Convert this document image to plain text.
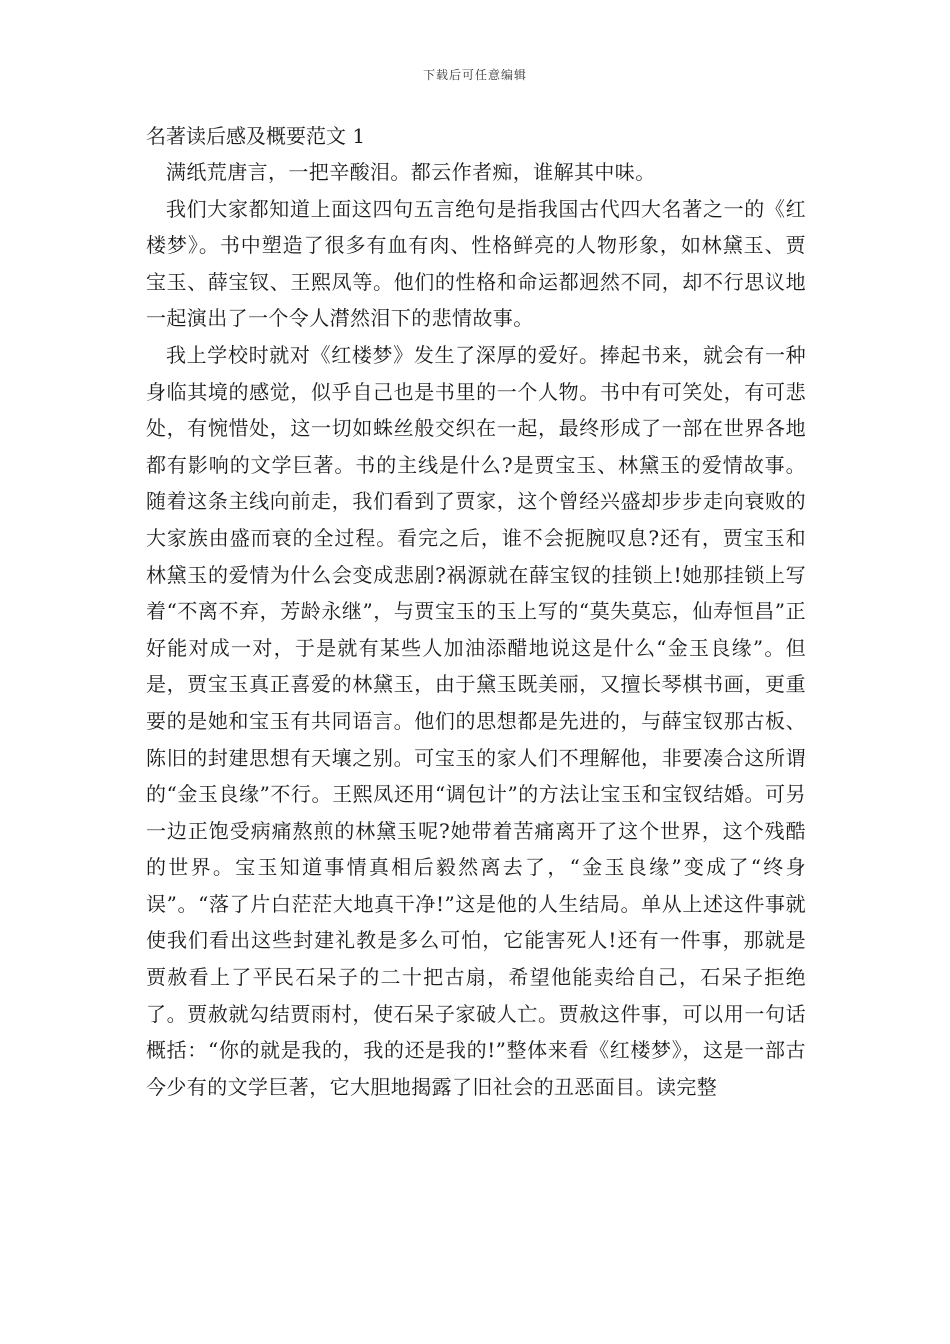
下载后可任意编辑

名著读后感及概要范文 1

满纸荒唐言，一把辛酸泪。都云作者痴，谁解其中味。

我们大家都知道上面这四句五言绝句是指我国古代四大名著之一的《红楼梦》。书中塑造了很多有血有肉、性格鲜亮的人物形象，如林黛玉、贾宝玉、薛宝钗、王熙凤等。他们的性格和命运都迥然不同，却不行思议地一起演出了一个令人潸然泪下的悲情故事。

我上学校时就对《红楼梦》发生了深厚的爱好。捧起书来，就会有一种身临其境的感觉，似乎自己也是书里的一个人物。书中有可笑处，有可悲处，有惋惜处，这一切如蛛丝般交织在一起，最终形成了一部在世界各地都有影响的文学巨著。书的主线是什么?是贾宝玉、林黛玉的爱情故事。随着这条主线向前走，我们看到了贾家，这个曾经兴盛却步步走向衰败的大家族由盛而衰的全过程。看完之后，谁不会扼腕叹息?还有，贾宝玉和林黛玉的爱情为什么会变成悲剧?祸源就在薛宝钗的挂锁上!她那挂锁上写着“不离不弃，芳龄永继”，与贾宝玉的玉上写的“莫失莫忘，仙寿恒昌”正好能对成一对，于是就有某些人加油添醋地说这是什么“金玉良缘”。但是，贾宝玉真正喜爱的林黛玉，由于黛玉既美丽，又擅长琴棋书画，更重要的是她和宝玉有共同语言。他们的思想都是先进的，与薛宝钗那古板、陈旧的封建思想有天壤之别。可宝玉的家人们不理解他，非要凑合这所谓的“金玉良缘”不行。王熙凤还用“调包计”的方法让宝玉和宝钗结婚。可另一边正饱受病痛熬煎的林黛玉呢?她带着苦痛离开了这个世界，这个残酷的世界。宝玉知道事情真相后毅然离去了，“金玉良缘”变成了“终身误”。“落了片白茫茫大地真干净!”这是他的人生结局。单从上述这件事就使我们看出这些封建礼教是多么可怕，它能害死人!还有一件事，那就是贾赦看上了平民石呆子的二十把古扇，希望他能卖给自己，石呆子拒绝了。贾赦就勾结贾雨村，使石呆子家破人亡。贾赦这件事，可以用一句话概括：“你的就是我的，我的还是我的!”整体来看《红楼梦》，这是一部古今少有的文学巨著，它大胆地揭露了旧社会的丑恶面目。读完整
